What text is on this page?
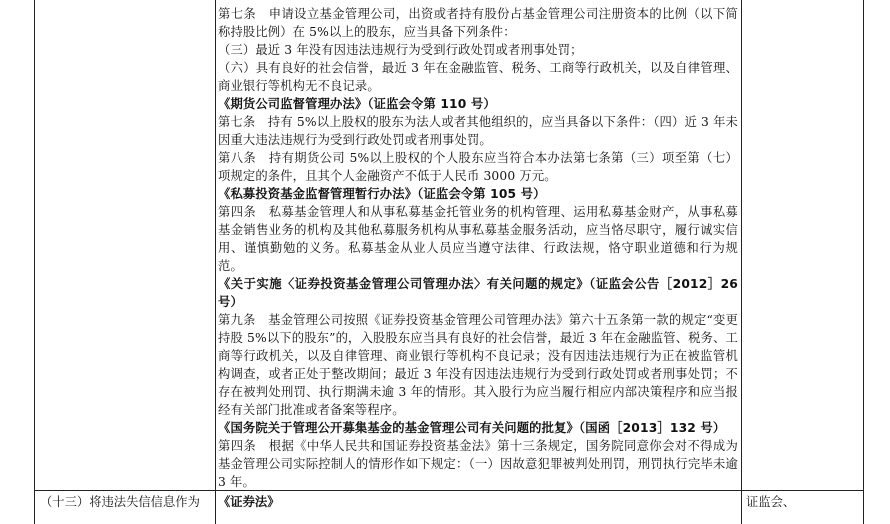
第七条　申请设立基金管理公司，出资或者持有股份占基金管理公司注册资本的比例（以下简称持股比例）在 5%以上的股东，应当具备下列条件：

（三）最近 3 年没有因违法违规行为受到行政处罚或者刑事处罚；

（六）具有良好的社会信誉，最近 3 年在金融监管、税务、工商等行政机关，以及自律管理、商业银行等机构无不良记录。

《期货公司监督管理办法》（证监会令第 110 号）

第七条　持有 5%以上股权的股东为法人或者其他组织的，应当具备以下条件：（四）近 3 年未因重大违法违规行为受到行政处罚或者刑事处罚。

第八条　持有期货公司 5%以上股权的个人股东应当符合本办法第七条第（三）项至第（七）项规定的条件，且其个人金融资产不低于人民币 3000 万元。

《私募投资基金监督管理暂行办法》（证监会令第 105 号）

第四条　私募基金管理人和从事私募基金托管业务的机构管理、运用私募基金财产，从事私募基金销售业务的机构及其他私募服务机构从事私募基金服务活动，应当恪尽职守，履行诚实信用、谨慎勤勉的义务。私募基金从业人员应当遵守法律、行政法规，恪守职业道德和行为规范。

《关于实施〈证券投资基金管理公司管理办法〉有关问题的规定》（证监会公告［2012］26 号）

第九条　基金管理公司按照《证券投资基金管理公司管理办法》第六十五条第一款的规定“变更持股 5%以下的股东”的，入股股东应当具有良好的社会信誉，最近 3 年在金融监管、税务、工商等行政机关，以及自律管理、商业银行等机构不良记录；没有因违法违规行为正在被监管机构调查，或者正处于整改期间；最近 3 年没有因违法违规行为受到行政处罚或者刑事处罚；不存在被判处刑罚、执行期满未逾 3 年的情形。其入股行为应当履行相应内部决策程序和应当报经有关部门批准或者备案等程序。

《国务院关于管理公开募集基金的基金管理公司有关问题的批复》（国函［2013］132 号）

第四条　根据《中华人民共和国证券投资基金法》第十三条规定，国务院同意你会对不得成为基金管理公司实际控制人的情形作如下规定：（一）因故意犯罪被判处刑罚，刑罚执行完毕未逾 3 年。

（十三）将违法失信信息作为	《证券法》	证监会、
